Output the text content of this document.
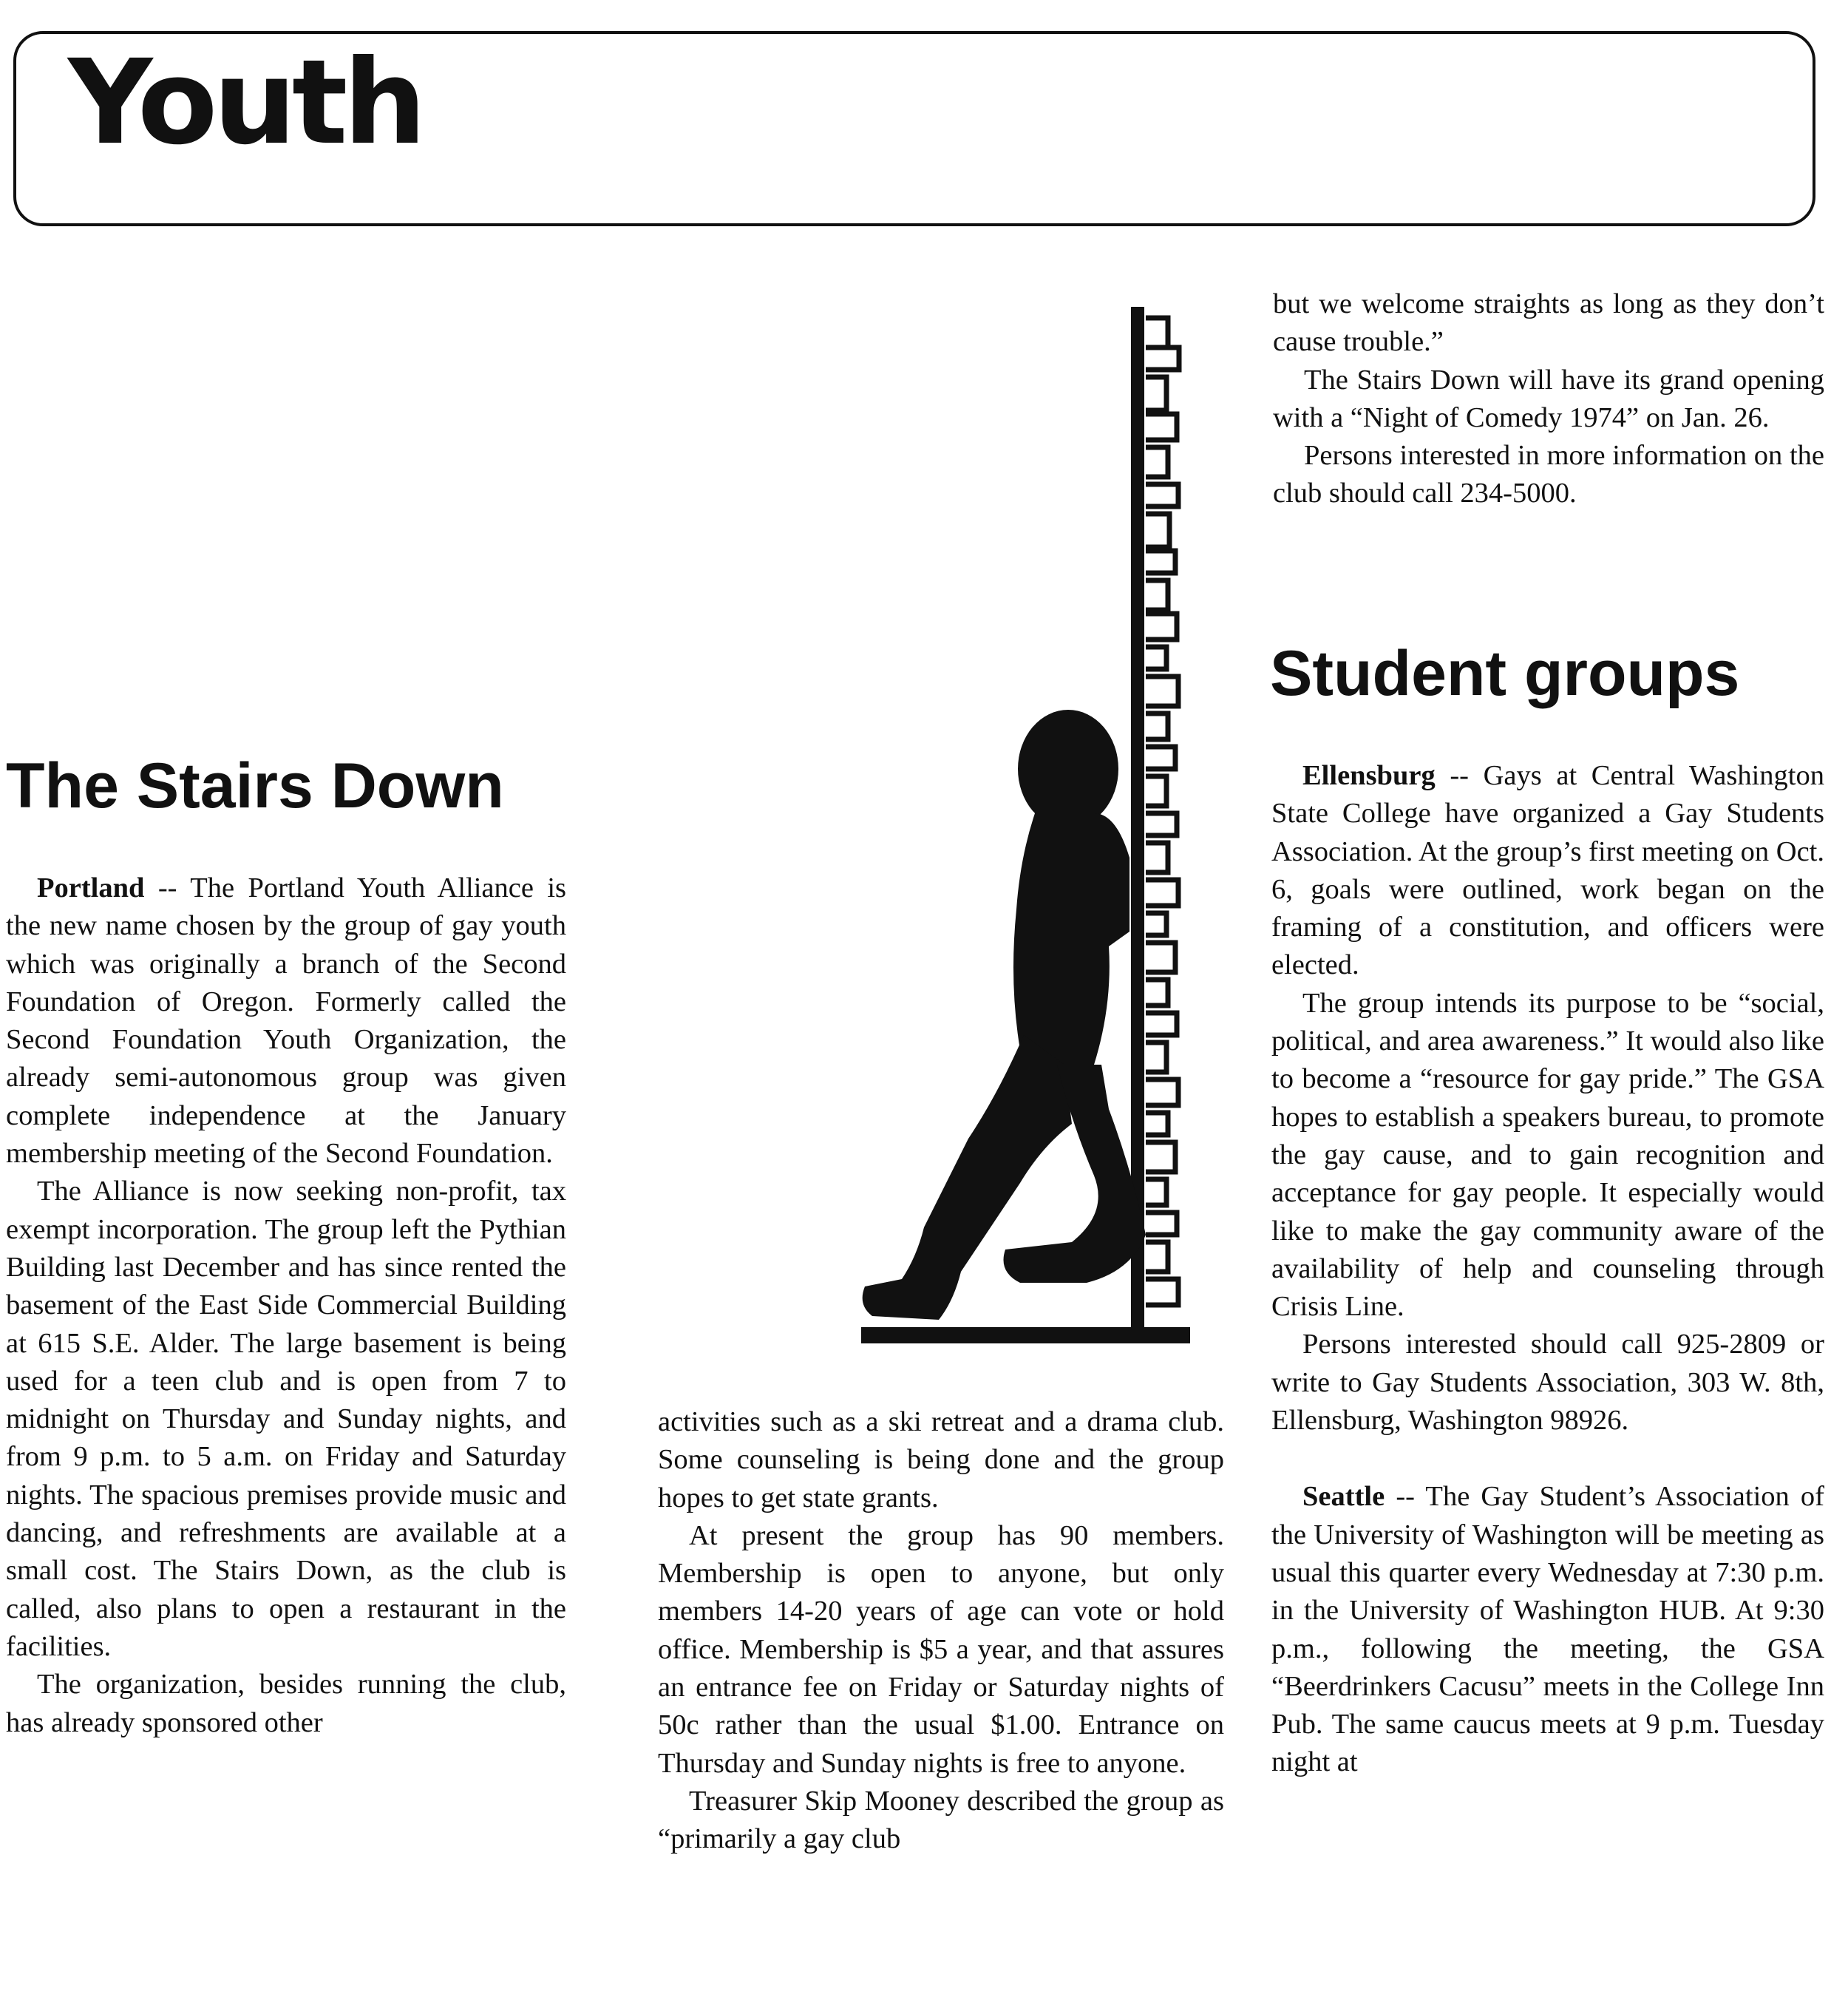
Youth
The Stairs Down

Portland -- The Portland Youth Alliance is the new name chosen by the group of gay youth which was originally a branch of the Second Foundation of Oregon. Formerly called the Second Foundation Youth Organization, the already semi-autonomous group was given complete independence at the January membership meeting of the Second Foundation.

The Alliance is now seeking non-profit, tax exempt incorporation. The group left the Pythian Building last December and has since rented the basement of the East Side Commercial Building at 615 S.E. Alder. The large basement is being used for a teen club and is open from 7 to midnight on Thursday and Sunday nights, and from 9 p.m. to 5 a.m. on Friday and Saturday nights. The spacious premises provide music and dancing, and refreshments are available at a small cost. The Stairs Down, as the club is called, also plans to open a restaurant in the facilities.

The organization, besides running the club, has already sponsored other

activities such as a ski retreat and a drama club. Some counseling is being done and the group hopes to get state grants.

At present the group has 90 members. Membership is open to anyone, but only members 14-20 years of age can vote or hold office. Membership is $5 a year, and that assures an entrance fee on Friday or Saturday nights of 50c rather than the usual $1.00. Entrance on Thursday and Sunday nights is free to anyone.

Treasurer Skip Mooney described the group as “primarily a gay club

but we welcome straights as long as they don’t cause trouble.”

The Stairs Down will have its grand opening with a “Night of Comedy 1974” on Jan. 26.

Persons interested in more information on the club should call 234-5000.

Student groups

Ellensburg -- Gays at Central Washington State College have organized a Gay Students Association. At the group’s first meeting on Oct. 6, goals were outlined, work began on the framing of a constitution, and officers were elected.

The group intends its purpose to be “social, political, and area awareness.” It would also like to become a “resource for gay pride.” The GSA hopes to establish a speakers bureau, to promote the gay cause, and to gain recognition and acceptance for gay people. It especially would like to make the gay community aware of the availability of help and counseling through Crisis Line.

Persons interested should call 925-2809 or write to Gay Students Association, 303 W. 8th, Ellensburg, Washington 98926.

Seattle -- The Gay Student’s Association of the University of Washington will be meeting as usual this quarter every Wednesday at 7:30 p.m. in the University of Washington HUB. At 9:30 p.m., following the meeting, the GSA “Beerdrinkers Cacusu” meets in the College Inn Pub. The same caucus meets at 9 p.m. Tuesday night at
